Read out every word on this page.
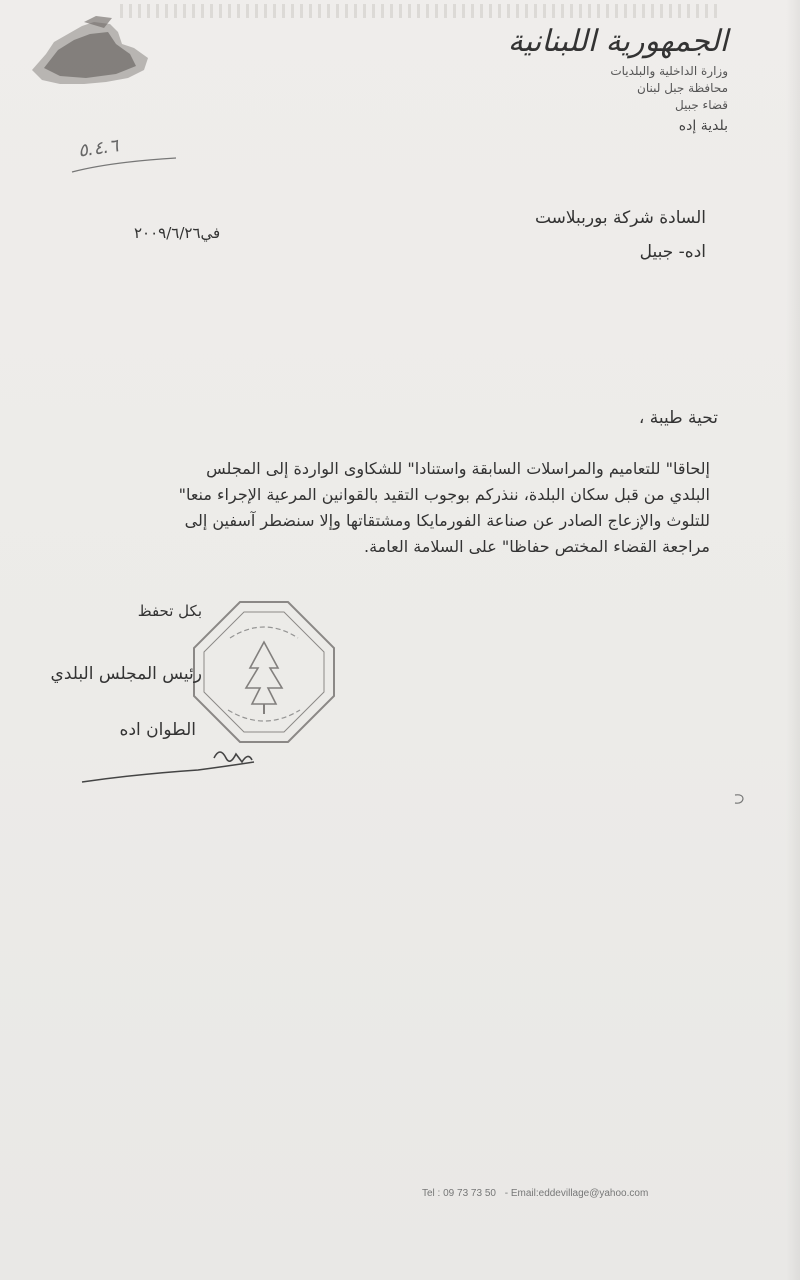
الجمهورية اللبنانية

وزارة الداخلية والبلديات

محافظة جبل لبنان

قضاء جبيل

بلدية إده

٥.٤.٦

السادة شركة بورببلاست

اده- جبيل

في٢٠٠٩/٦/٢٦
تحية طيبة ،

إلحاقا" للتعاميم والمراسلات السابقة واستنادا" للشكاوى الواردة إلى المجلس

البلدي من قبل سكان البلدة، ننذركم بوجوب التقيد بالقوانين المرعية الإجراء منعا"

للتلوث والإزعاج الصادر عن صناعة الفورمايكا ومشتقاتها وإلا سنضطر آسفين إلى

مراجعة القضاء المختص حفاظا" على السلامة العامة.

بكل تحفظ
رئيس المجلس البلدي
الطوان اده
Tel : 09 73 73 50 - Email:eddevillage@yahoo.com
